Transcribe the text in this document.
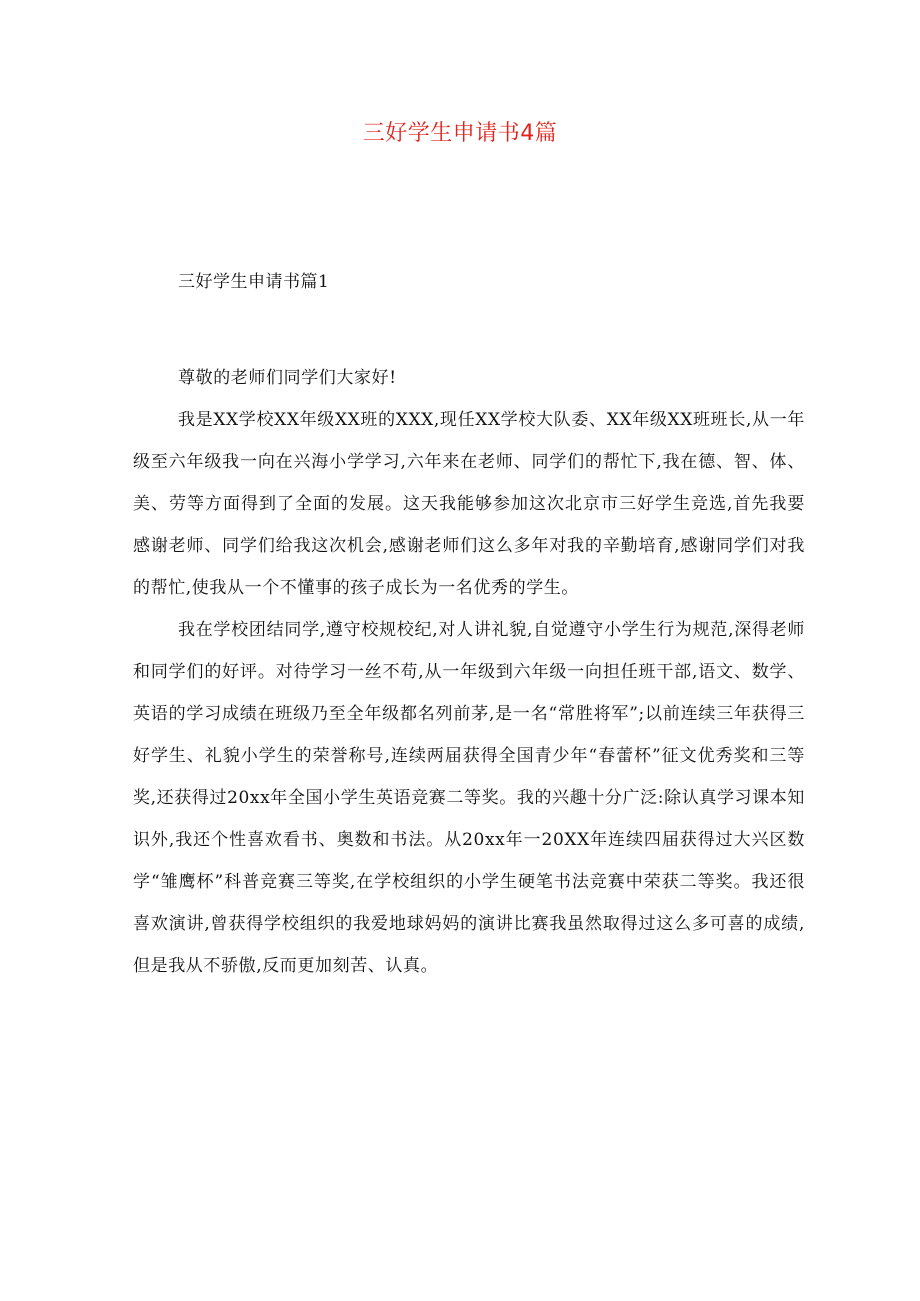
三好学生申请书4篇
三好学生申请书篇1

尊敬的老师们同学们大家好!

我是XX学校XX年级XX班的XXX,现任XX学校大队委、XX年级XX班班长,从一年级至六年级我一向在兴海小学学习,六年来在老师、同学们的帮忙下,我在德、智、体、美、劳等方面得到了全面的发展。这天我能够参加这次北京市三好学生竞选,首先我要感谢老师、同学们给我这次机会,感谢老师们这么多年对我的辛勤培育,感谢同学们对我的帮忙,使我从一个不懂事的孩子成长为一名优秀的学生。

我在学校团结同学,遵守校规校纪,对人讲礼貌,自觉遵守小学生行为规范,深得老师和同学们的好评。对待学习一丝不苟,从一年级到六年级一向担任班干部,语文、数学、英语的学习成绩在班级乃至全年级都名列前茅,是一名“常胜将军”;以前连续三年获得三好学生、礼貌小学生的荣誉称号,连续两届获得全国青少年“春蕾杯”征文优秀奖和三等奖,还获得过20xx年全国小学生英语竞赛二等奖。我的兴趣十分广泛:除认真学习课本知识外,我还个性喜欢看书、奥数和书法。从20xx年一20XX年连续四届获得过大兴区数学“雏鹰杯”科普竞赛三等奖,在学校组织的小学生硬笔书法竞赛中荣获二等奖。我还很喜欢演讲,曾获得学校组织的我爱地球妈妈的演讲比赛我虽然取得过这么多可喜的成绩,但是我从不骄傲,反而更加刻苦、认真。
